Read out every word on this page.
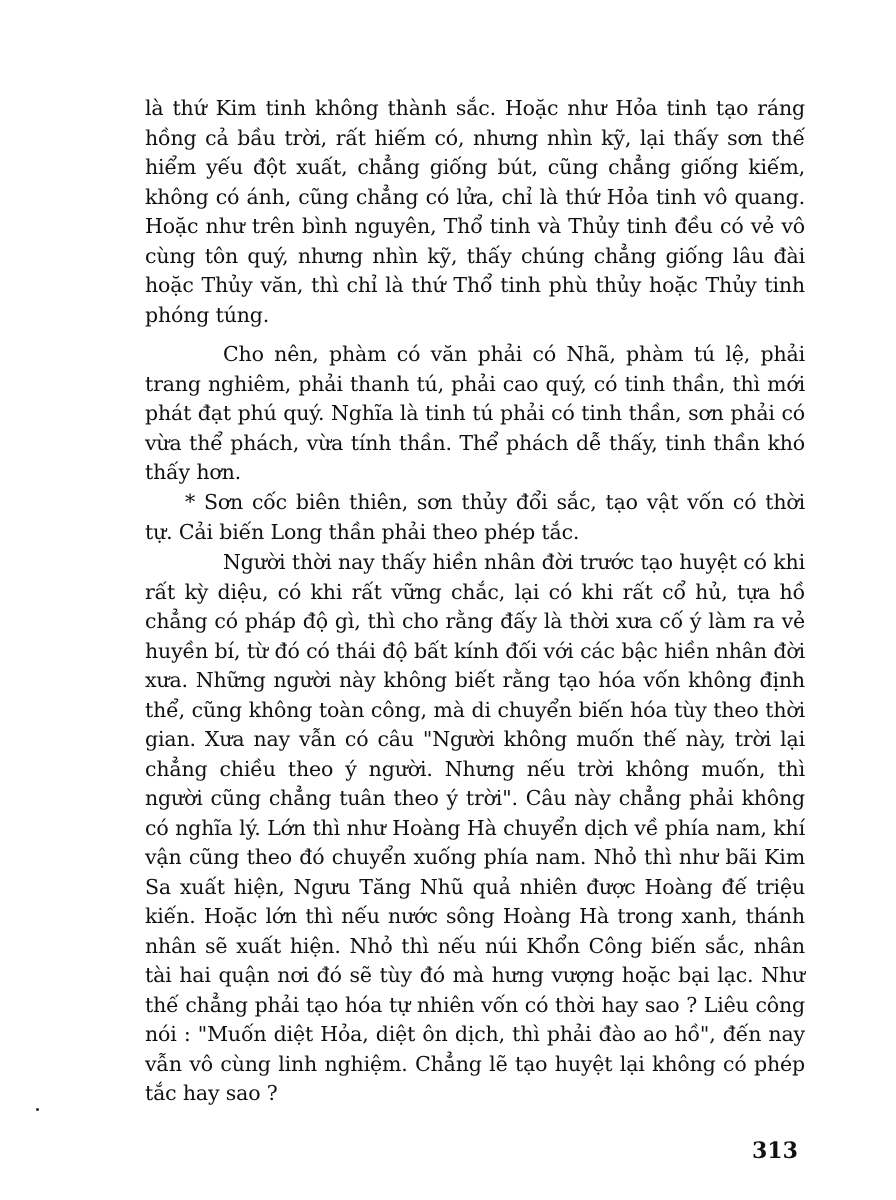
là thứ Kim tinh không thành sắc. Hoặc như Hỏa tinh tạo ráng hồng cả bầu trời, rất hiếm có, nhưng nhìn kỹ, lại thấy sơn thế hiểm yếu đột xuất, chẳng giống bút, cũng chẳng giống kiếm, không có ánh, cũng chẳng có lửa, chỉ là thứ Hỏa tinh vô quang. Hoặc như trên bình nguyên, Thổ tinh và Thủy tinh đều có vẻ vô cùng tôn quý, nhưng nhìn kỹ, thấy chúng chẳng giống lâu đài hoặc Thủy văn, thì chỉ là thứ Thổ tinh phù thủy hoặc Thủy tinh phóng túng.

Cho nên, phàm có văn phải có Nhã, phàm tú lệ, phải trang nghiêm, phải thanh tú, phải cao quý, có tinh thần, thì mới phát đạt phú quý. Nghĩa là tinh tú phải có tinh thần, sơn phải có vừa thể phách, vừa tính thần. Thể phách dễ thấy, tinh thần khó thấy hơn.

* Sơn cốc biên thiên, sơn thủy đổi sắc, tạo vật vốn có thời tự. Cải biến Long thần phải theo phép tắc.

Người thời nay thấy hiền nhân đời trước tạo huyệt có khi rất kỳ diệu, có khi rất vững chắc, lại có khi rất cổ hủ, tựa hồ chẳng có pháp độ gì, thì cho rằng đấy là thời xưa cố ý làm ra vẻ huyền bí, từ đó có thái độ bất kính đối với các bậc hiền nhân đời xưa. Những người này không biết rằng tạo hóa vốn không định thể, cũng không toàn công, mà di chuyển biến hóa tùy theo thời gian. Xưa nay vẫn có câu "Người không muốn thế này, trời lại chẳng chiều theo ý người. Nhưng nếu trời không muốn, thì người cũng chẳng tuân theo ý trời". Câu này chẳng phải không có nghĩa lý. Lớn thì như Hoàng Hà chuyển dịch về phía nam, khí vận cũng theo đó chuyển xuống phía nam. Nhỏ thì như bãi Kim Sa xuất hiện, Ngưu Tăng Nhũ quả nhiên được Hoàng đế triệu kiến. Hoặc lớn thì nếu nước sông Hoàng Hà trong xanh, thánh nhân sẽ xuất hiện. Nhỏ thì nếu núi Khổn Công biến sắc, nhân tài hai quận nơi đó sẽ tùy đó mà hưng vượng hoặc bại lạc. Như thế chẳng phải tạo hóa tự nhiên vốn có thời hay sao ? Liêu công nói : "Muốn diệt Hỏa, diệt ôn dịch, thì phải đào ao hồ", đến nay vẫn vô cùng linh nghiệm. Chẳng lẽ tạo huyệt lại không có phép tắc hay sao ?

313
